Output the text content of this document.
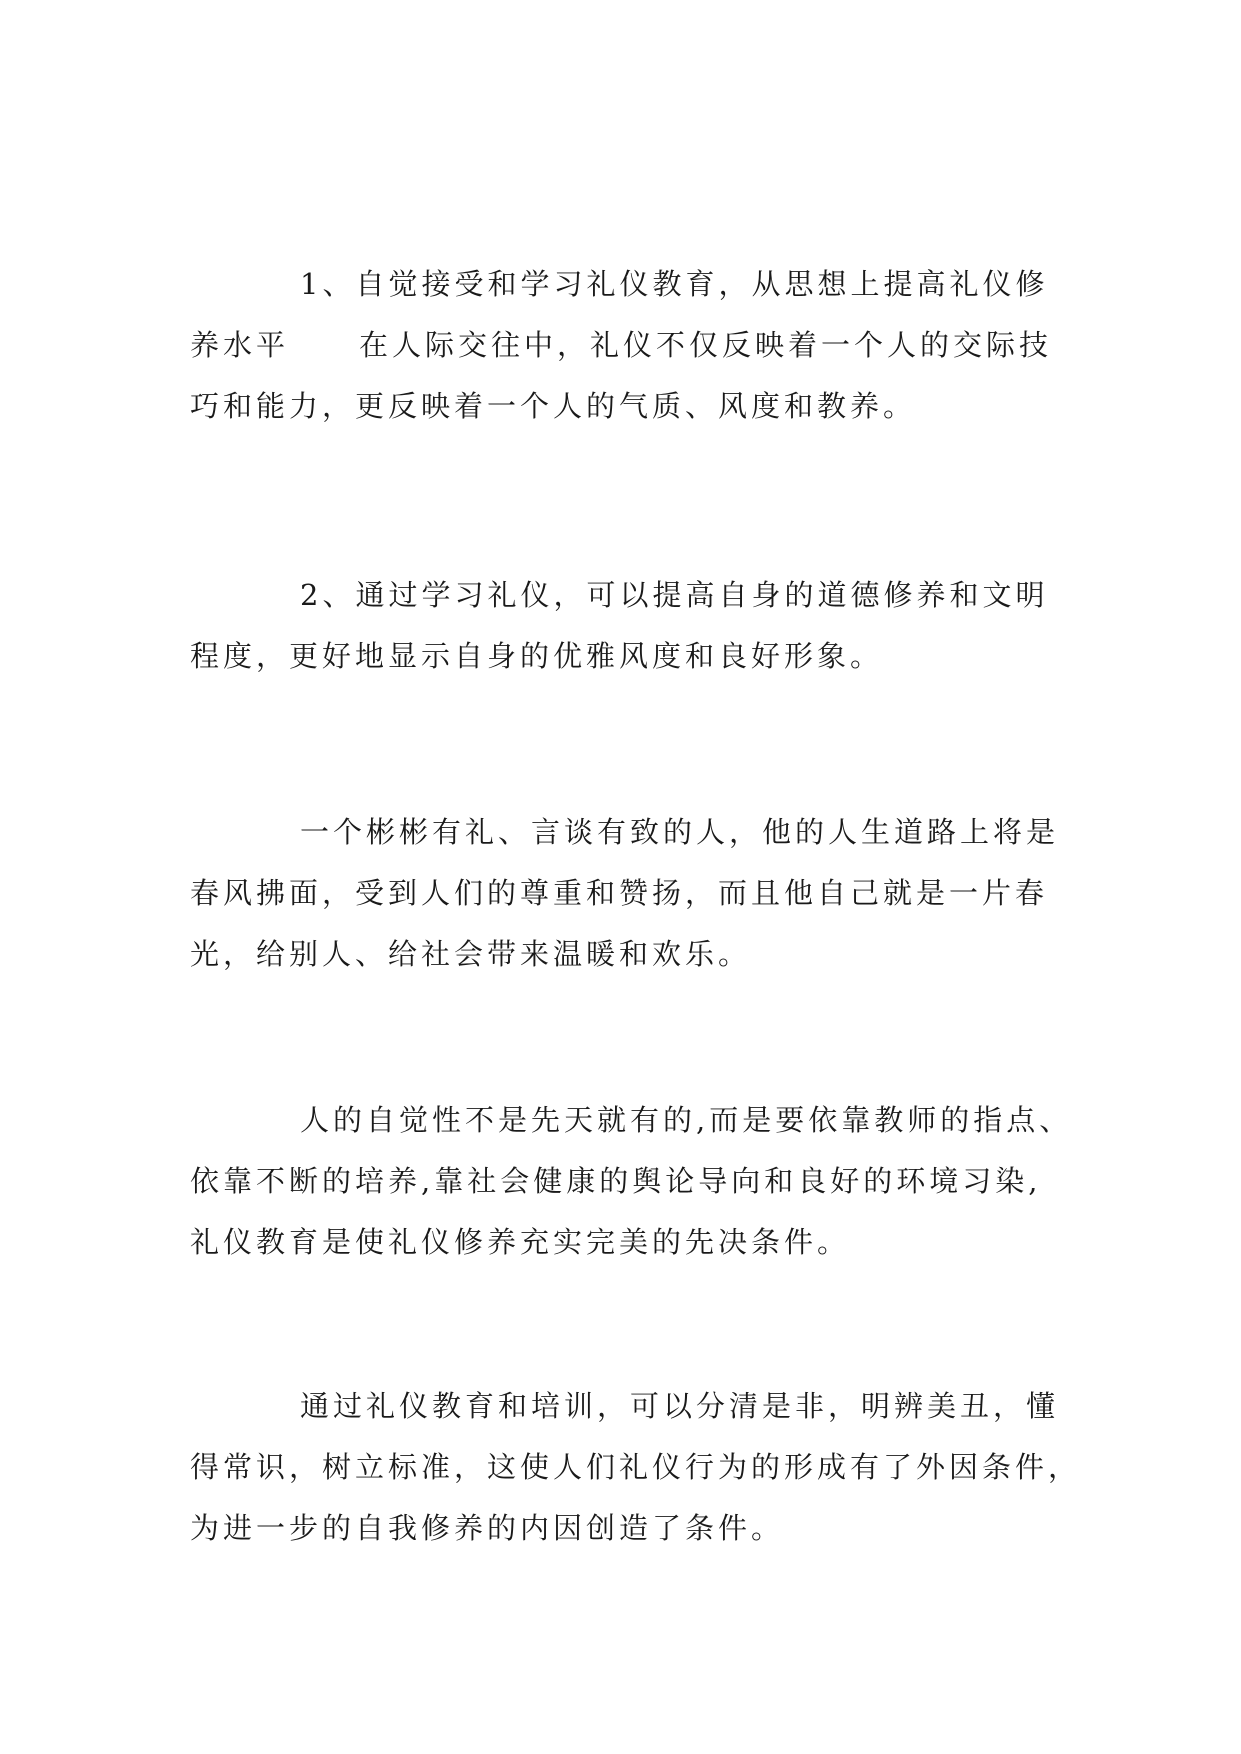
1、自觉接受和学习礼仪教育，从思想上提高礼仪修
养水平 在人际交往中，礼仪不仅反映着一个人的交际技
巧和能力，更反映着一个人的气质、风度和教养。

2、通过学习礼仪，可以提高自身的道德修养和文明
程度，更好地显示自身的优雅风度和良好形象。

一个彬彬有礼、言谈有致的人，他的人生道路上将是
春风拂面，受到人们的尊重和赞扬，而且他自己就是一片春
光，给别人、给社会带来温暖和欢乐。

人的自觉性不是先天就有的,而是要依靠教师的指点、
依靠不断的培养,靠社会健康的舆论导向和良好的环境习染,
礼仪教育是使礼仪修养充实完美的先决条件。

通过礼仪教育和培训，可以分清是非，明辨美丑，懂
得常识，树立标准，这使人们礼仪行为的形成有了外因条件，
为进一步的自我修养的内因创造了条件。
